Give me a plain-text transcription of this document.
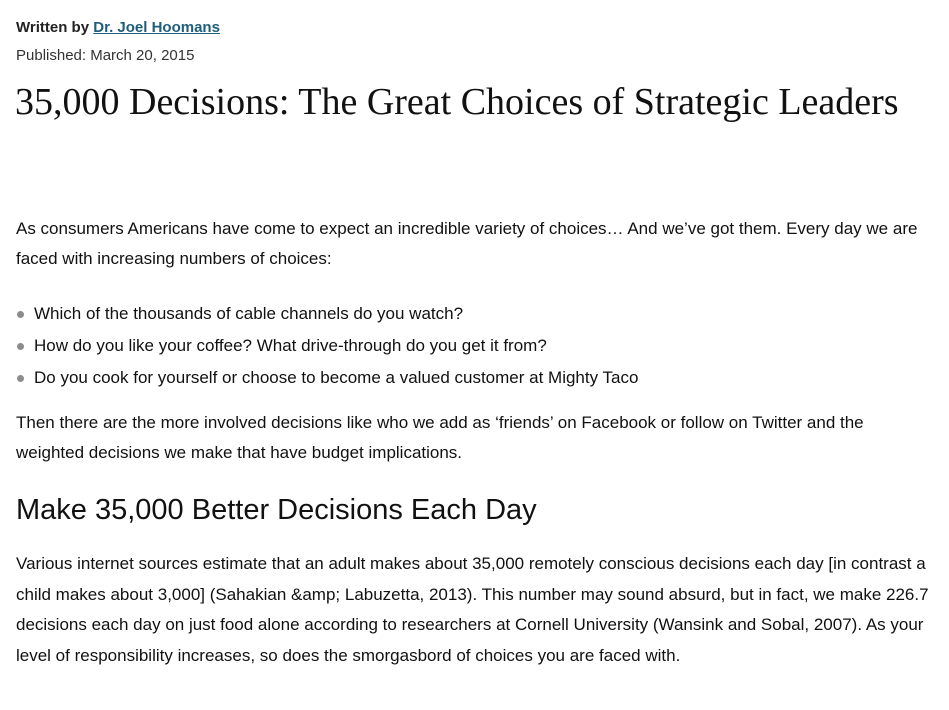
Written by Dr. Joel Hoomans
Published: March 20, 2015
35,000 Decisions: The Great Choices of Strategic Leaders

As consumers Americans have come to expect an incredible variety of choices… And we’ve got them. Every day we are faced with increasing numbers of choices:

Which of the thousands of cable channels do you watch?
How do you like your coffee? What drive-through do you get it from?
Do you cook for yourself or choose to become a valued customer at Mighty Taco

Then there are the more involved decisions like who we add as ‘friends’ on Facebook or follow on Twitter and the weighted decisions we make that have budget implications.

Make 35,000 Better Decisions Each Day

Various internet sources estimate that an adult makes about 35,000 remotely conscious decisions each day [in contrast a child makes about 3,000] (Sahakian &amp; Labuzetta, 2013). This number may sound absurd, but in fact, we make 226.7 decisions each day on just food alone according to researchers at Cornell University (Wansink and Sobal, 2007). As your level of responsibility increases, so does the smorgasbord of choices you are faced with.
